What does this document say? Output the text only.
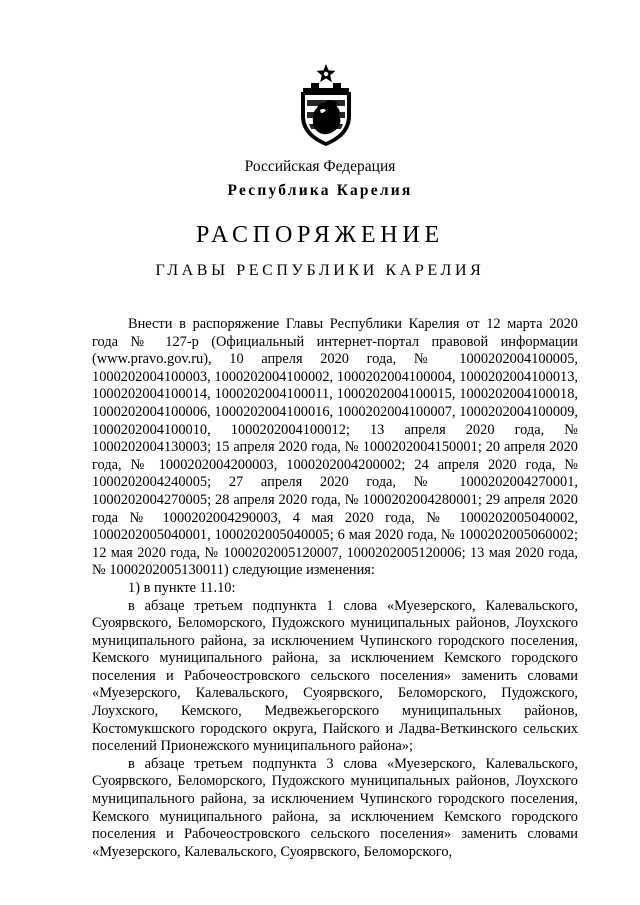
Российская Федерация
Республика Карелия
РАСПОРЯЖЕНИЕ
ГЛАВЫ РЕСПУБЛИКИ КАРЕЛИЯ

Внести в распоряжение Главы Республики Карелия от 12 марта 2020 года № 127-р (Официальный интернет-портал правовой информации (www.pravo.gov.ru), 10 апреля 2020 года, № 1000202004100005, 1000202004100003, 1000202004100002, 1000202004100004, 1000202004100013, 1000202004100014, 1000202004100011, 1000202004100015, 1000202004100018, 1000202004100006, 1000202004100016, 1000202004100007, 1000202004100009, 1000202004100010, 1000202004100012; 13 апреля 2020 года, № 1000202004130003; 15 апреля 2020 года, № 1000202004150001; 20 апреля 2020 года, № 1000202004200003, 1000202004200002; 24 апреля 2020 года, № 1000202004240005; 27 апреля 2020 года, № 1000202004270001, 1000202004270005; 28 апреля 2020 года, № 1000202004280001; 29 апреля 2020 года № 1000202004290003, 4 мая 2020 года, № 1000202005040002, 1000202005040001, 1000202005040005; 6 мая 2020 года, № 1000202005060002; 12 мая 2020 года, № 1000202005120007, 1000202005120006; 13 мая 2020 года, № 1000202005130011) следующие изменения:

1) в пункте 11.10:

в абзаце третьем подпункта 1 слова «Муезерского, Калевальского, Суоярвского, Беломорского, Пудожского муниципальных районов, Лоухского муниципального района, за исключением Чупинского городского поселения, Кемского муниципального района, за исключением Кемского городского поселения и Рабочеостровского сельского поселения» заменить словами «Муезерского, Калевальского, Суоярвского, Беломорского, Пудожского, Лоухского, Кемского, Медвежьегорского муниципальных районов, Костомукшского городского округа, Пайского и Ладва-Веткинского сельских поселений Прионежского муниципального района»;

в абзаце третьем подпункта 3 слова «Муезерского, Калевальского, Суоярвского, Беломорского, Пудожского муниципальных районов, Лоухского муниципального района, за исключением Чупинского городского поселения, Кемского муниципального района, за исключением Кемского городского поселения и Рабочеостровского сельского поселения» заменить словами «Муезерского, Калевальского, Суоярвского, Беломорского,
